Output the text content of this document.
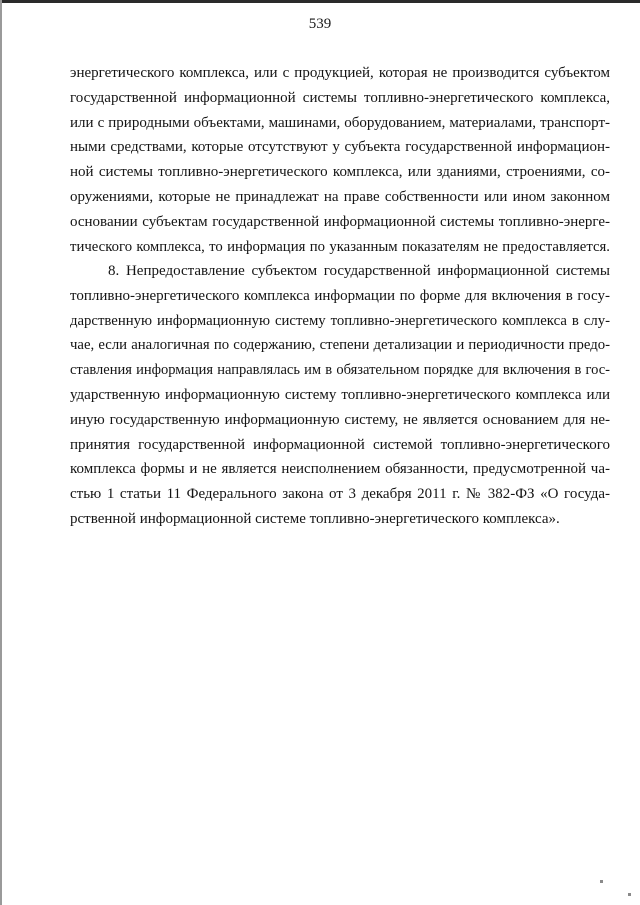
539
энергетического комплекса, или с продукцией, которая не производится субъектом
государственной информационной системы топливно-энергетического комплекса,
или с природными объектами, машинами, оборудованием, материалами, транспорт-
ными средствами, которые отсутствуют у субъекта государственной информацион-
ной системы топливно-энергетического комплекса, или зданиями, строениями, со-
оружениями, которые не принадлежат на праве собственности или ином законном
основании субъектам государственной информационной системы топливно-энерге-
тического комплекса, то информация по указанным показателям не предоставляется.
8. Непредоставление субъектом государственной информационной системы
топливно-энергетического комплекса информации по форме для включения в госу-
дарственную информационную систему топливно-энергетического комплекса в слу-
чае, если аналогичная по содержанию, степени детализации и периодичности предо-
ставления информация направлялась им в обязательном порядке для включения в гос-
ударственную информационную систему топливно-энергетического комплекса или
иную государственную информационную систему, не является основанием для не-
принятия государственной информационной системой топливно-энергетического
комплекса формы и не является неисполнением обязанности, предусмотренной ча-
стью 1 статьи 11 Федерального закона от 3 декабря 2011 г. № 382-ФЗ «О госуда-
рственной информационной системе топливно-энергетического комплекса».
